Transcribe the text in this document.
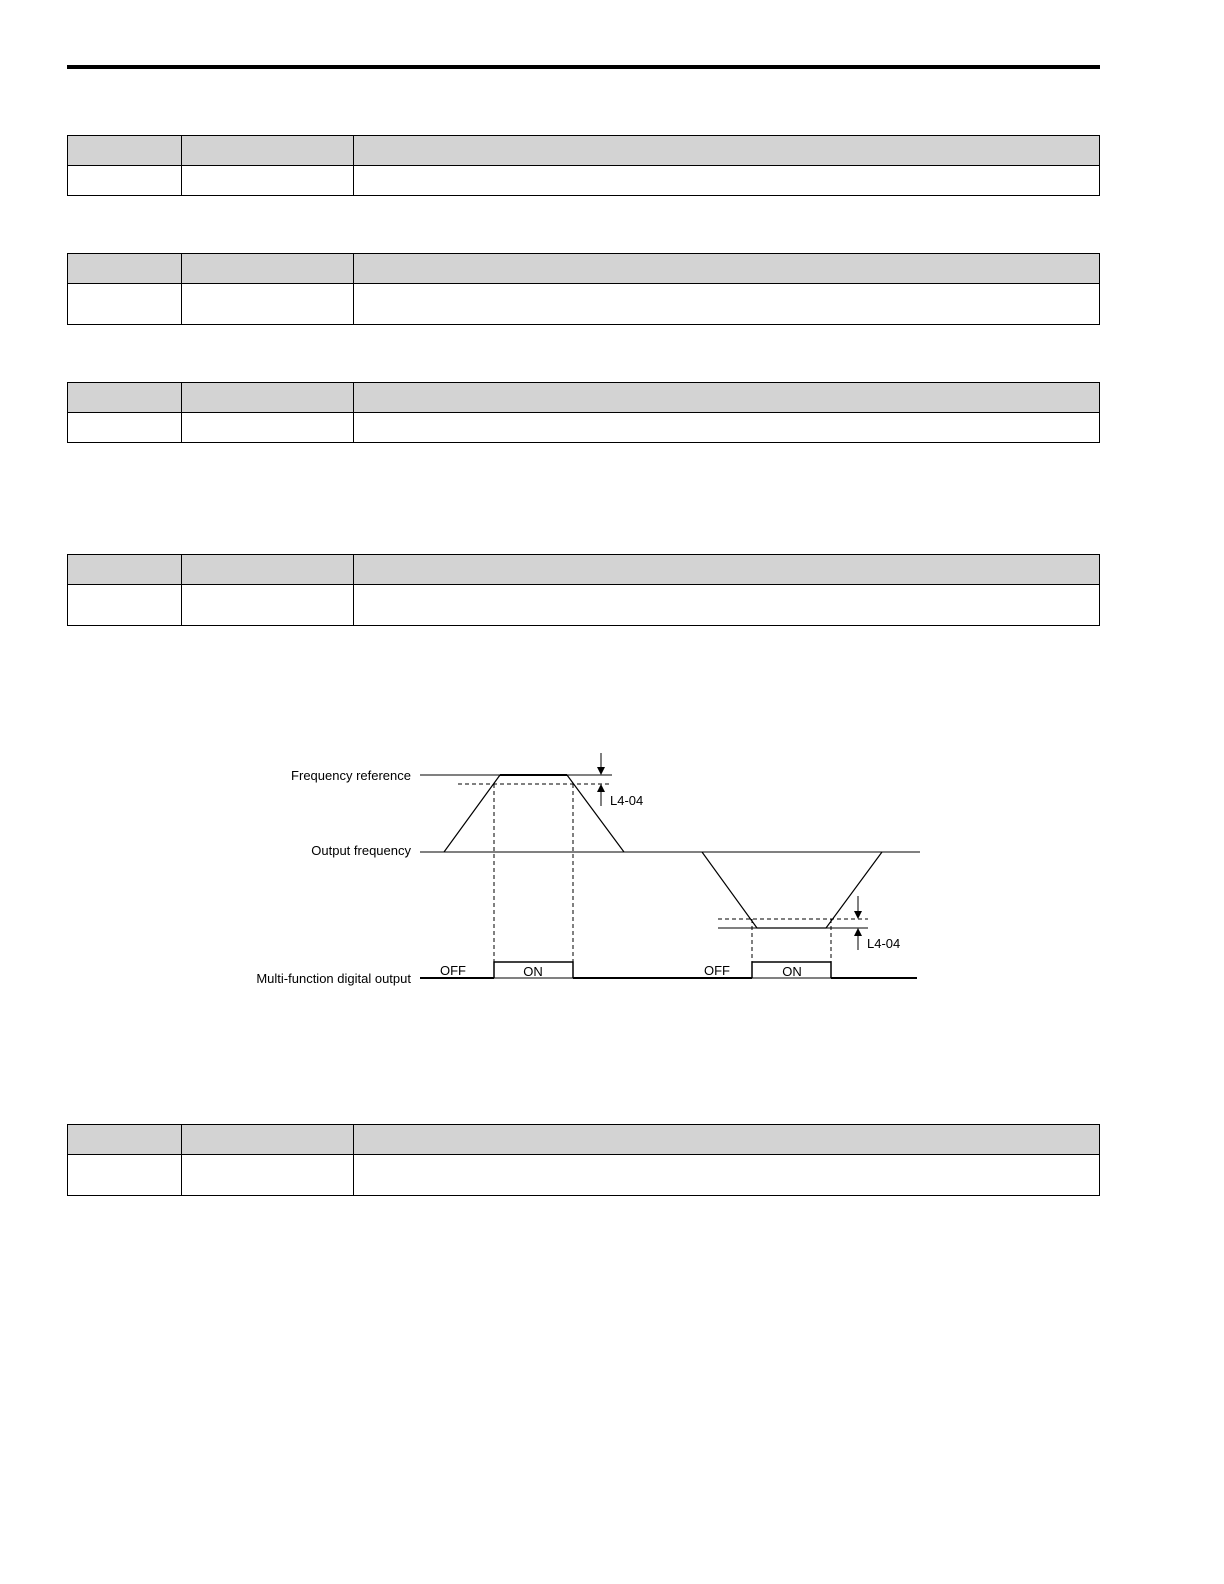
Frequency reference
Output frequency
Multi-function digital output
L4-04
L4-04
OFF	ON	OFF	ON
